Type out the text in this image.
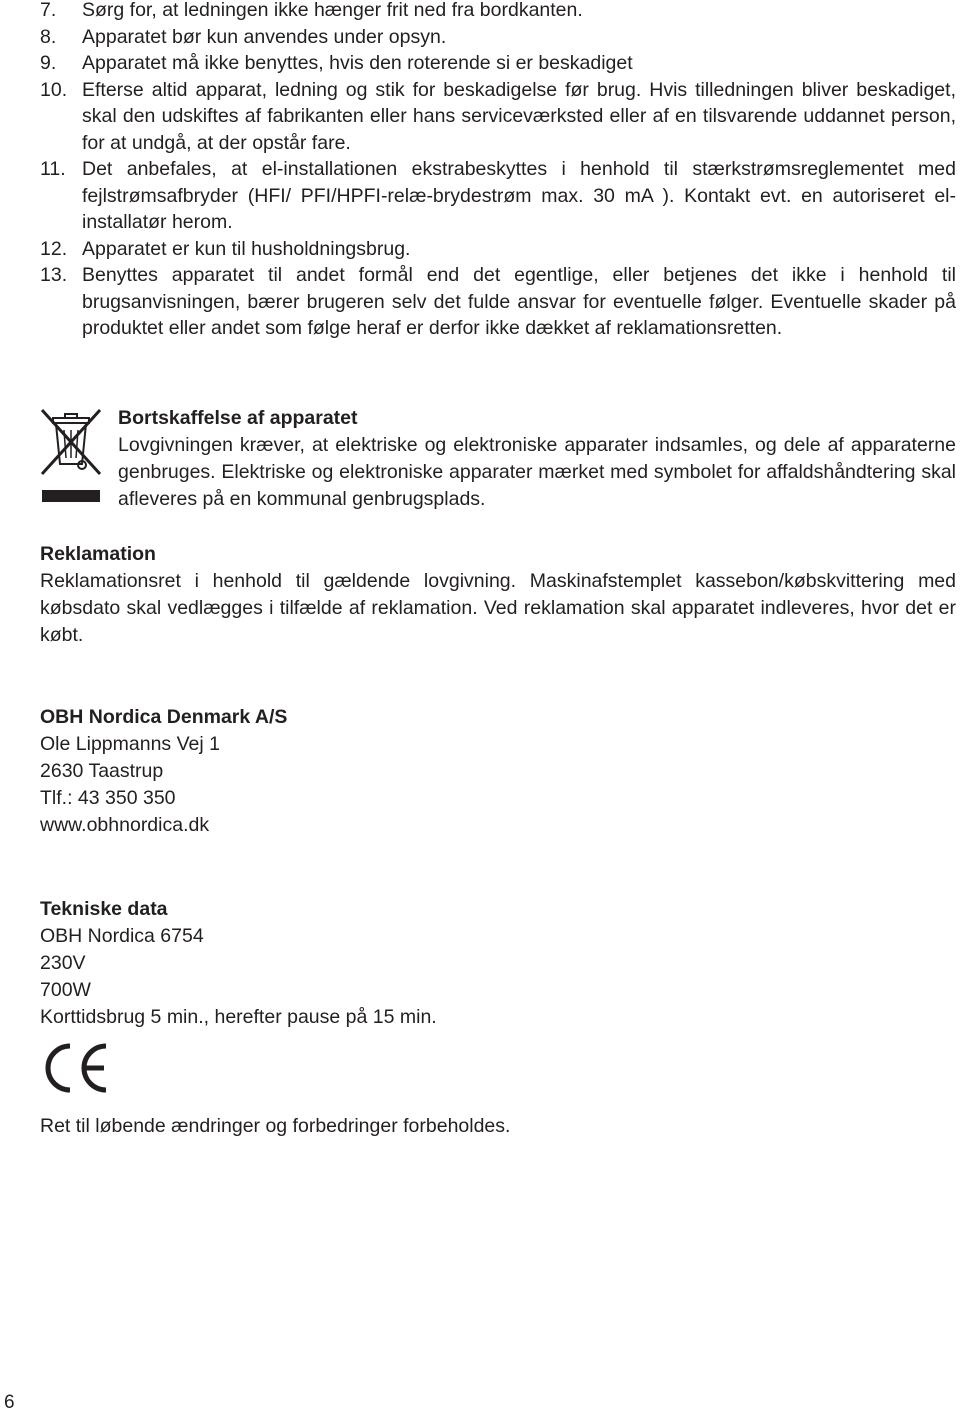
7.	Sørg for, at ledningen ikke hænger frit ned fra bordkanten.
8.	Apparatet bør kun anvendes under opsyn.
9.	Apparatet må ikke benyttes, hvis den roterende si er beskadiget
10. Efterse altid apparat, ledning og stik for beskadigelse før brug. Hvis tilledningen bliver beskadiget, skal den udskiftes af fabrikanten eller hans serviceværksted eller af en tilsvarende uddannet person, for at undgå, at der opstår fare.
11. Det anbefales, at el-installationen ekstrabeskyttes i henhold til stærkstrømsreglementet med fejlstrømsafbryder (HFI/ PFI/HPFI-relæ-brydestrøm max. 30 mA ). Kontakt evt. en autoriseret el-installatør herom.
12. Apparatet er kun til husholdningsbrug.
13. Benyttes apparatet til andet formål end det egentlige, eller betjenes det ikke i henhold til brugsanvisningen, bærer brugeren selv det fulde ansvar for eventuelle følger. Eventuelle skader på produktet eller andet som følge heraf er derfor ikke dækket af reklamationsretten.
Bortskaffelse af apparatet
Lovgivningen kræver, at elektriske og elektroniske apparater indsamles, og dele af apparaterne genbruges. Elektriske og elektroniske apparater mærket med symbolet for affaldshåndtering skal afleveres på en kommunal genbrugsplads.
Reklamation
Reklamationsret i henhold til gældende lovgivning. Maskinafstemplet kassebon/købskvittering med købsdato skal vedlægges i tilfælde af reklamation. Ved reklamation skal apparatet indleveres, hvor det er købt.
OBH Nordica Denmark A/S
Ole Lippmanns Vej 1
2630 Taastrup
Tlf.: 43 350 350
www.obhnordica.dk
Tekniske data
OBH Nordica 6754
230V
700W
Korttidsbrug 5 min., herefter pause på 15 min.
Ret til løbende ændringer og forbedringer forbeholdes.
6
